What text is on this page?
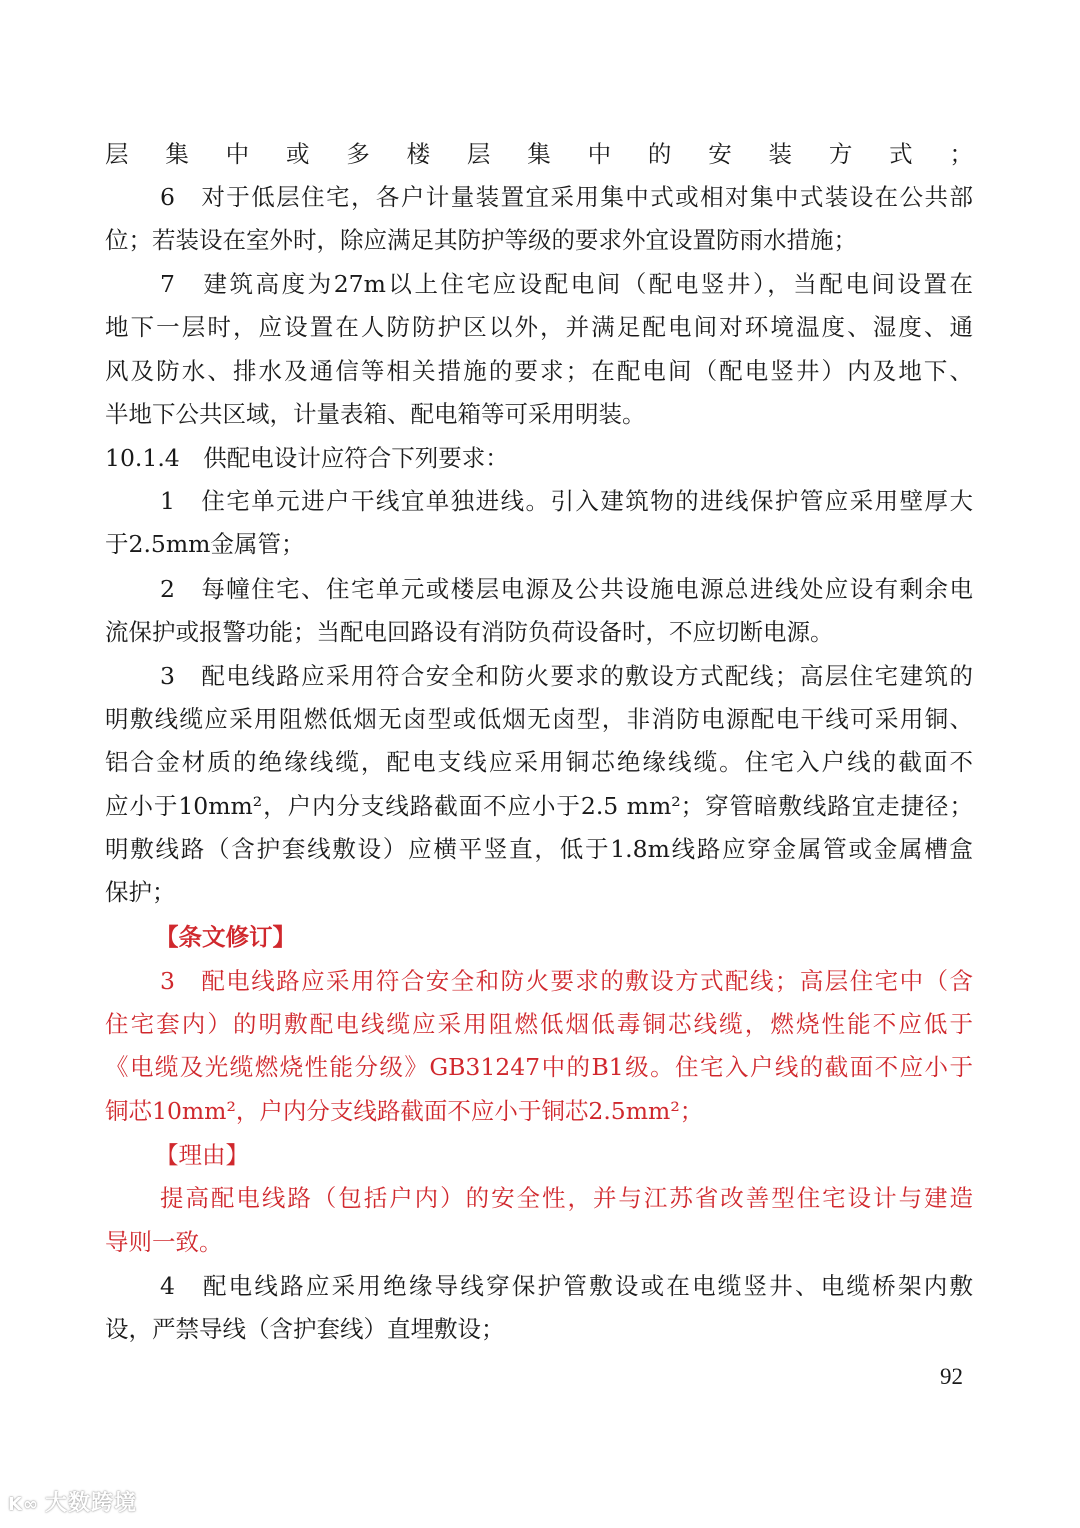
层集中或多楼层集中的安装方式；
6　对于低层住宅，各户计量装置宜采用集中式或相对集中式装设在公共部
位；若装设在室外时，除应满足其防护等级的要求外宜设置防雨水措施；
7　建筑高度为27m以上住宅应设配电间（配电竖井），当配电间设置在
地下一层时，应设置在人防防护区以外，并满足配电间对环境温度、湿度、通
风及防水、排水及通信等相关措施的要求；在配电间（配电竖井）内及地下、
半地下公共区域，计量表箱、配电箱等可采用明装。
10.1.4　供配电设计应符合下列要求：
1　住宅单元进户干线宜单独进线。引入建筑物的进线保护管应采用壁厚大
于2.5mm金属管；
2　每幢住宅、住宅单元或楼层电源及公共设施电源总进线处应设有剩余电
流保护或报警功能；当配电回路设有消防负荷设备时，不应切断电源。
3　配电线路应采用符合安全和防火要求的敷设方式配线；高层住宅建筑的
明敷线缆应采用阻燃低烟无卤型或低烟无卤型，非消防电源配电干线可采用铜、
铝合金材质的绝缘线缆，配电支线应采用铜芯绝缘线缆。住宅入户线的截面不
应小于10mm²，户内分支线路截面不应小于2.5 mm²；穿管暗敷线路宜走捷径；
明敷线路（含护套线敷设）应横平竖直，低于1.8m线路应穿金属管或金属槽盒
保护；
【条文修订】
3　配电线路应采用符合安全和防火要求的敷设方式配线；高层住宅中（含
住宅套内）的明敷配电线缆应采用阻燃低烟低毒铜芯线缆，燃烧性能不应低于
《电缆及光缆燃烧性能分级》GB31247中的B1级。住宅入户线的截面不应小于
铜芯10mm²，户内分支线路截面不应小于铜芯2.5mm²；
【理由】
提高配电线路（包括户内）的安全性，并与江苏省改善型住宅设计与建造
导则一致。
4　配电线路应采用绝缘导线穿保护管敷设或在电缆竖井、电缆桥架内敷
设，严禁导线（含护套线）直埋敷设；
92
K∞ 大数跨境
